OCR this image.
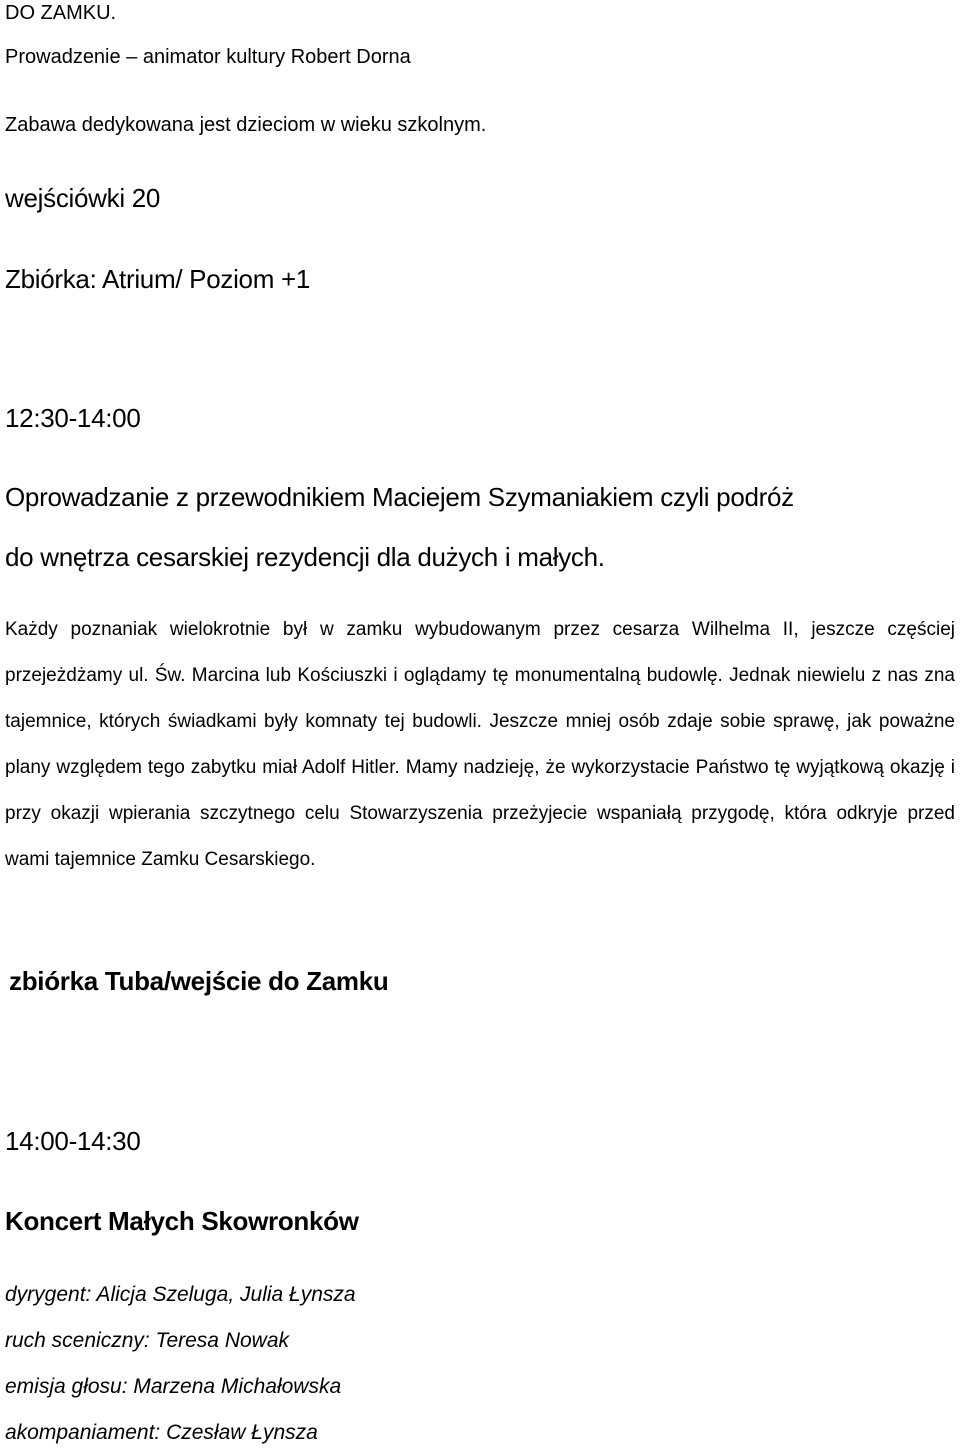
DO ZAMKU.
Prowadzenie – animator kultury Robert Dorna
Zabawa dedykowana jest dzieciom w wieku szkolnym.
wejściówki 20
Zbiórka: Atrium/ Poziom +1
12:30-14:00
Oprowadzanie z przewodnikiem Maciejem Szymaniakiem czyli podróż
do wnętrza cesarskiej rezydencji dla dużych i małych.

Każdy poznaniak wielokrotnie był w zamku wybudowanym przez cesarza Wilhelma II, jeszcze częściej przejeżdżamy ul. Św. Marcina lub Kościuszki i oglądamy tę monumentalną budowlę. Jednak niewielu z nas zna tajemnice, których świadkami były komnaty tej budowli. Jeszcze mniej osób zdaje sobie sprawę, jak poważne plany względem tego zabytku miał Adolf Hitler. Mamy nadzieję, że wykorzystacie Państwo tę wyjątkową okazję i przy okazji wpierania szczytnego celu Stowarzyszenia przeżyjecie wspaniałą przygodę, która odkryje przed wami tajemnice Zamku Cesarskiego.

zbiórka Tuba/wejście do Zamku
14:00-14:30
Koncert Małych Skowronków
dyrygent: Alicja Szeluga, Julia Łynsza
ruch sceniczny: Teresa Nowak
emisja głosu: Marzena Michałowska
akompaniament: Czesław Łynsza
